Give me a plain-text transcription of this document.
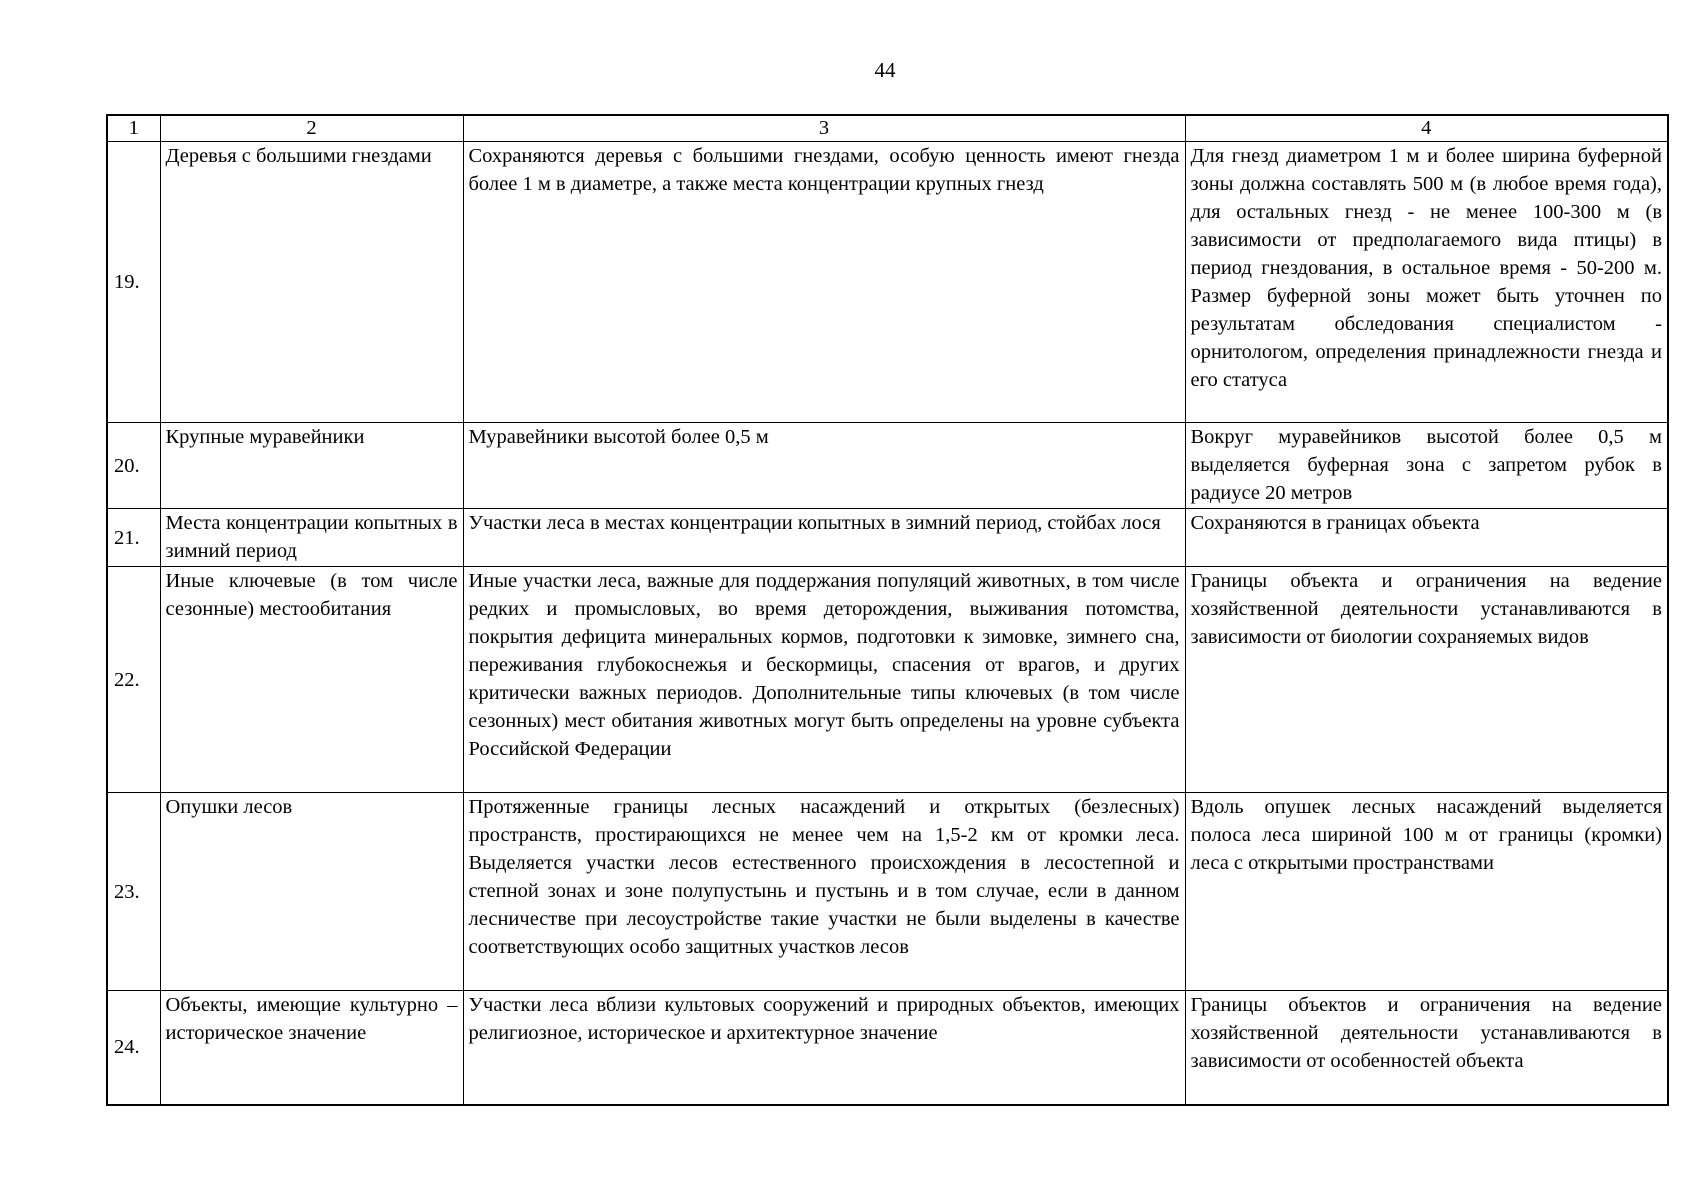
44
1	2	3	4
19.	Деревья с большими гнездами	Сохраняются деревья с большими гнездами, особую ценность имеют гнезда более 1 м в диаметре, а также места концентрации крупных гнезд	Для гнезд диаметром 1 м и более ширина буферной зоны должна составлять 500 м (в любое время года), для остальных гнезд - не менее 100-300 м (в зависимости от предполагаемого вида птицы) в период гнездования, в остальное время - 50-200 м. Размер буферной зоны может быть уточнен по результатам обследования специалистом - орнитологом, определения принадлежности гнезда и его статуса
20.	Крупные муравейники	Муравейники высотой более 0,5 м	Вокруг муравейников высотой более 0,5 м выделяется буферная зона с запретом рубок в радиусе 20 метров
21.	Места концентрации копытных в зимний период	Участки леса в местах концентрации копытных в зимний период, стойбах лося	Сохраняются в границах объекта
22.	Иные ключевые (в том числе сезонные) местообитания	Иные участки леса, важные для поддержания популяций животных, в том числе редких и промысловых, во время деторождения, выживания потомства, покрытия дефицита минеральных кормов, подготовки к зимовке, зимнего сна, переживания глубокоснежья и бескормицы, спасения от врагов, и других критически важных периодов. Дополнительные типы ключевых (в том числе сезонных) мест обитания животных могут быть определены на уровне субъекта Российской Федерации	Границы объекта и ограничения на ведение хозяйственной деятельности устанавливаются в зависимости от биологии сохраняемых видов
23.	Опушки лесов	Протяженные границы лесных насаждений и открытых (безлесных) пространств, простирающихся не менее чем на 1,5-2 км от кромки леса. Выделяется участки лесов естественного происхождения в лесостепной и степной зонах и зоне полупустынь и пустынь и в том случае, если в данном лесничестве при лесоустройстве такие участки не были выделены в качестве соответствующих особо защитных участков лесов	Вдоль опушек лесных насаждений выделяется полоса леса шириной 100 м от границы (кромки) леса с открытыми пространствами
24.	Объекты, имеющие культурно – историческое значение	Участки леса вблизи культовых сооружений и природных объектов, имеющих религиозное, историческое и архитектурное значение	Границы объектов и ограничения на ведение хозяйственной деятельности устанавливаются в зависимости от особенностей объекта
